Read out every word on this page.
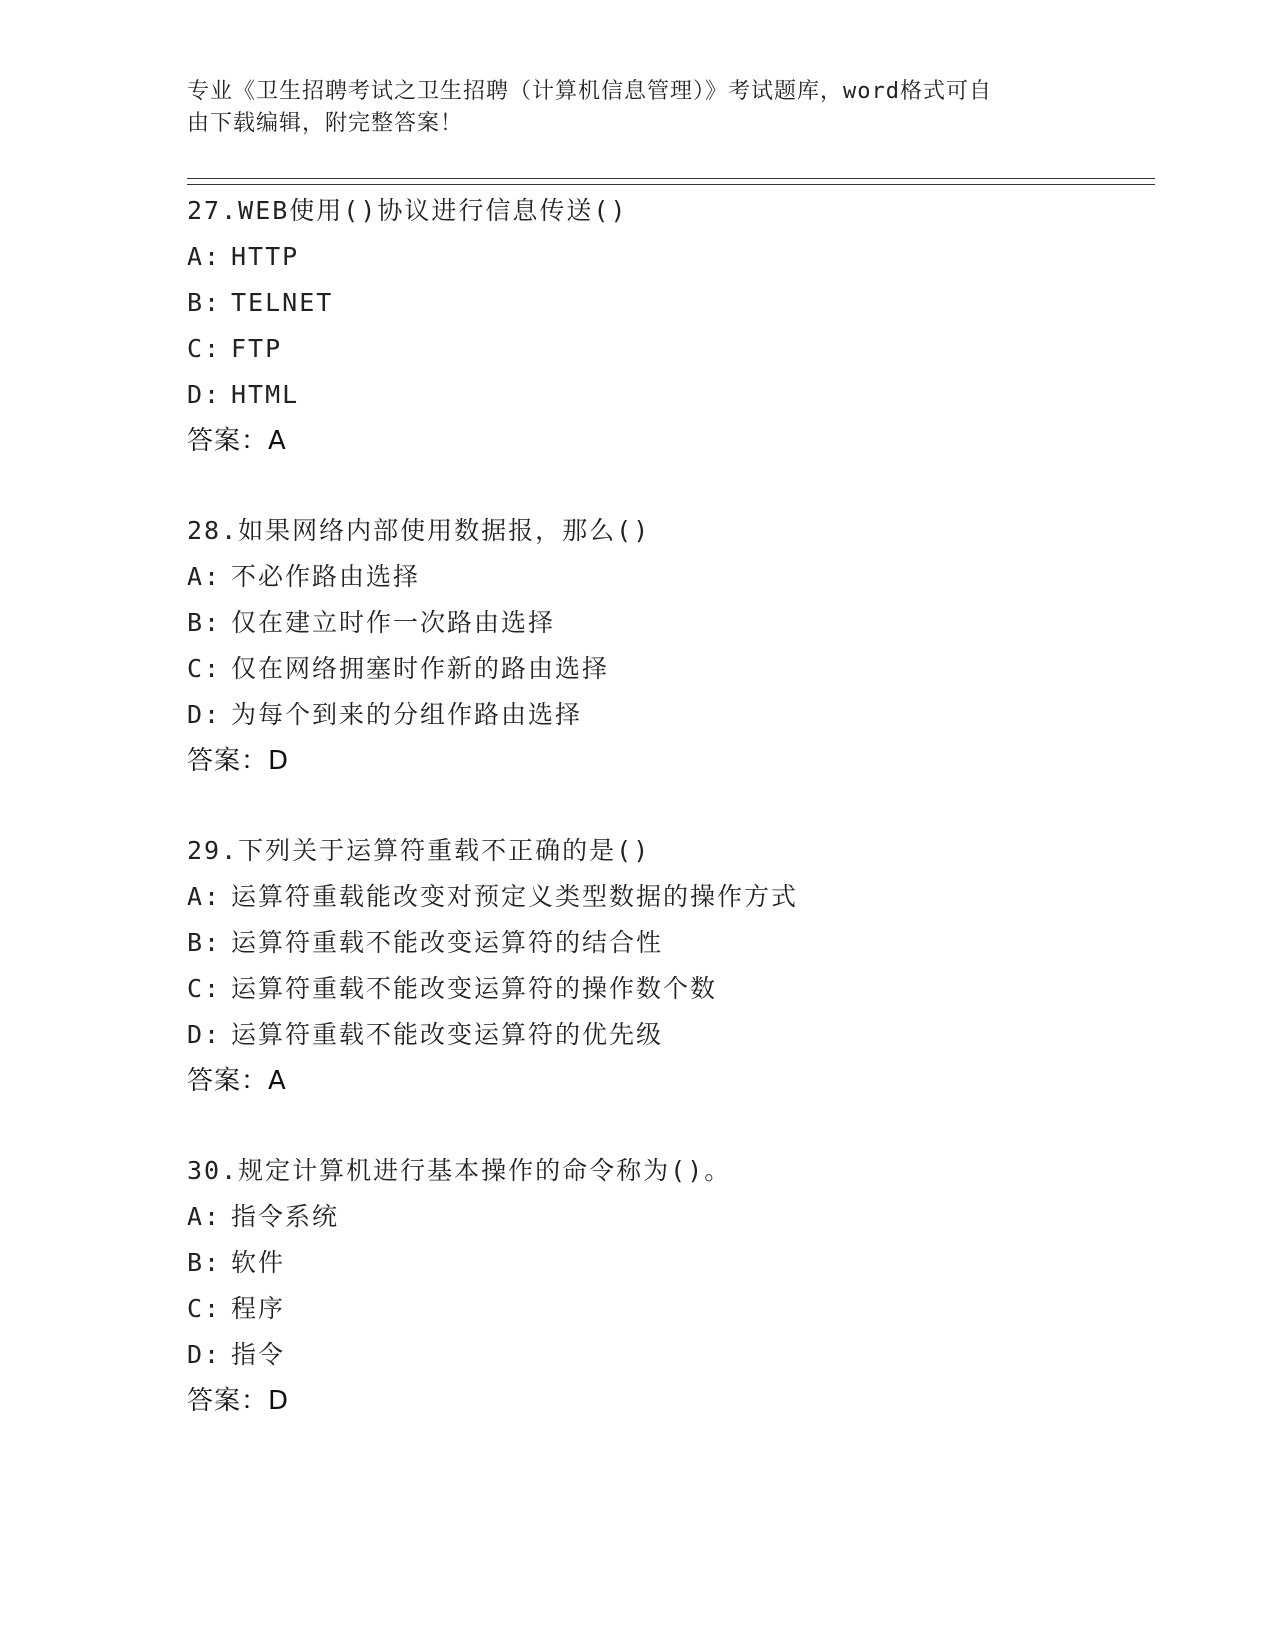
专业《卫生招聘考试之卫生招聘（计算机信息管理）》考试题库，word格式可自
由下载编辑，附完整答案！
27.WEB使用()协议进行信息传送()
A: HTTP
B: TELNET
C: FTP
D: HTML
答案：A
28.如果网络内部使用数据报，那么()
A: 不必作路由选择
B: 仅在建立时作一次路由选择
C: 仅在网络拥塞时作新的路由选择
D: 为每个到来的分组作路由选择
答案：D
29.下列关于运算符重载不正确的是()
A: 运算符重载能改变对预定义类型数据的操作方式
B: 运算符重载不能改变运算符的结合性
C: 运算符重载不能改变运算符的操作数个数
D: 运算符重载不能改变运算符的优先级
答案：A
30.规定计算机进行基本操作的命令称为()。
A: 指令系统
B: 软件
C: 程序
D: 指令
答案：D
